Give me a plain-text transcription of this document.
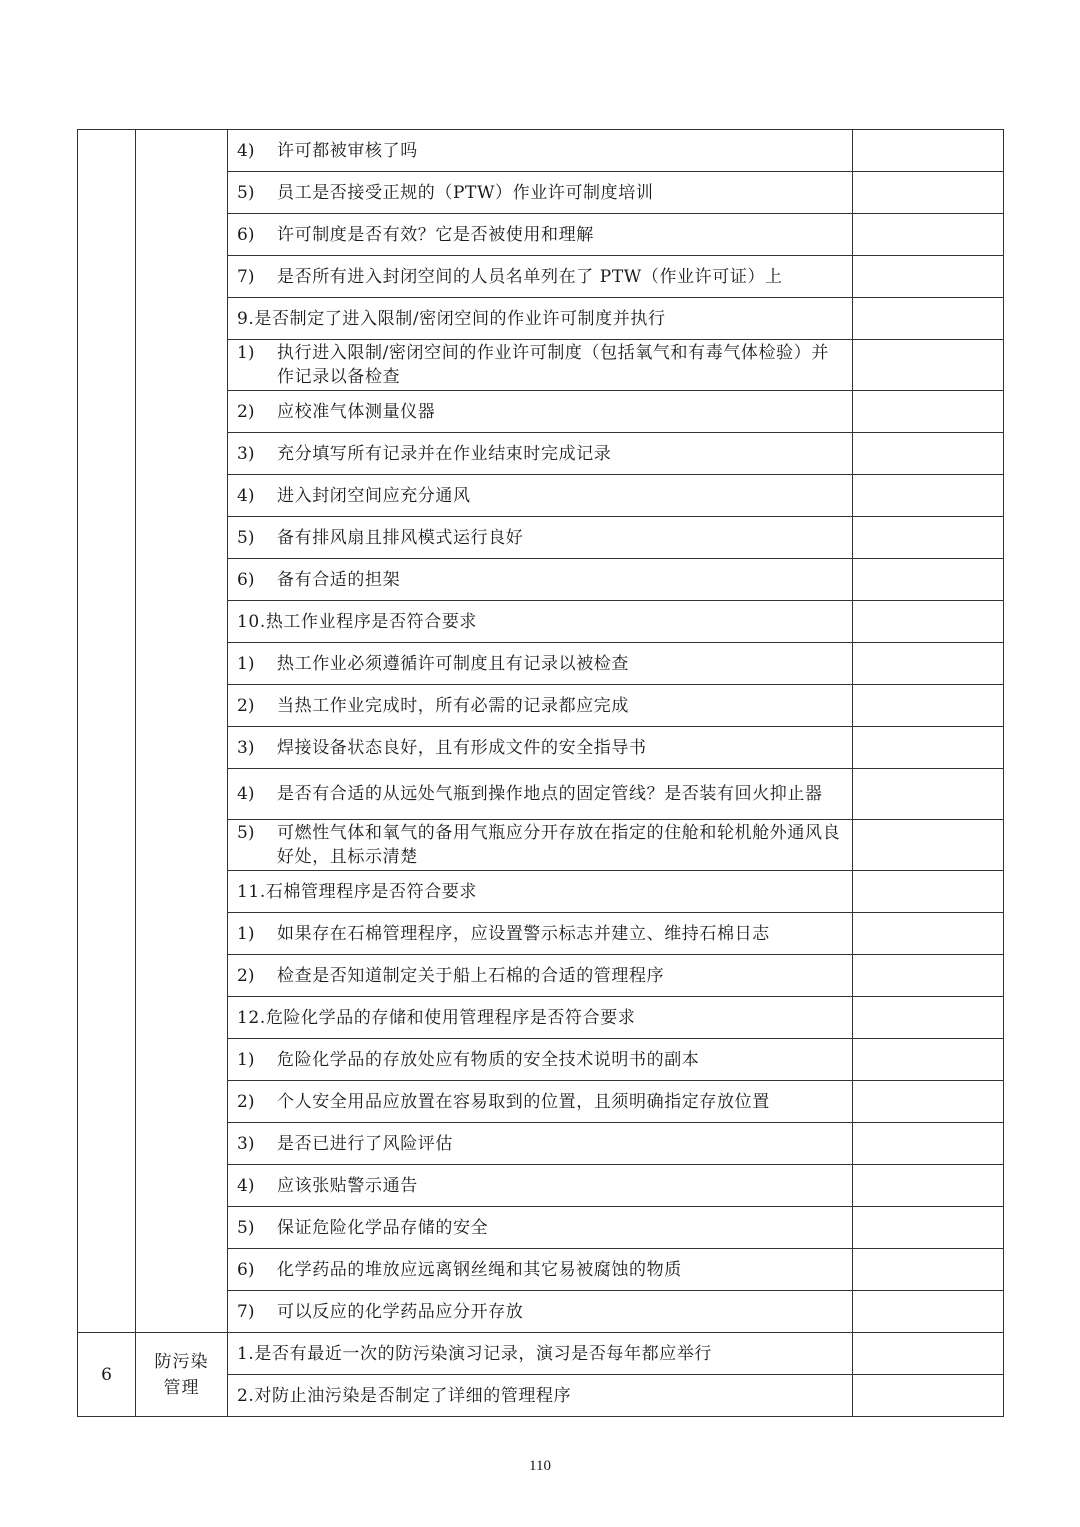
		4) 许可都被审核了吗	

		5) 员工是否接受正规的（PTW）作业许可制度培训	

		6) 许可制度是否有效？它是否被使用和理解	

		7) 是否所有进入封闭空间的人员名单列在了 PTW（作业许可证）上	

		9.是否制定了进入限制/密闭空间的作业许可制度并执行	

		1) 执行进入限制/密闭空间的作业许可制度（包括氧气和有毒气体检验）并作记录以备检查	

		2) 应校准气体测量仪器	

		3) 充分填写所有记录并在作业结束时完成记录	

		4) 进入封闭空间应充分通风	

		5) 备有排风扇且排风模式运行良好	

		6) 备有合适的担架	

		10.热工作业程序是否符合要求	

		1) 热工作业必须遵循许可制度且有记录以被检查	

		2) 当热工作业完成时，所有必需的记录都应完成	

		3) 焊接设备状态良好，且有形成文件的安全指导书	

		4) 是否有合适的从远处气瓶到操作地点的固定管线？是否装有回火抑止器	

		5) 可燃性气体和氧气的备用气瓶应分开存放在指定的住舱和轮机舱外通风良好处，且标示清楚	

		11.石棉管理程序是否符合要求	

		1) 如果存在石棉管理程序，应设置警示标志并建立、维持石棉日志	

		2) 检查是否知道制定关于船上石棉的合适的管理程序	

		12.危险化学品的存储和使用管理程序是否符合要求	

		1) 危险化学品的存放处应有物质的安全技术说明书的副本	

		2) 个人安全用品应放置在容易取到的位置，且须明确指定存放位置	

		3) 是否已进行了风险评估	

		4) 应该张贴警示通告	

		5) 保证危险化学品存储的安全	

		6) 化学药品的堆放应远离钢丝绳和其它易被腐蚀的物质	

		7) 可以反应的化学药品应分开存放	

6	防污染管理	1.是否有最近一次的防污染演习记录，演习是否每年都应举行	
		2.对防止油污染是否制定了详细的管理程序	
110
